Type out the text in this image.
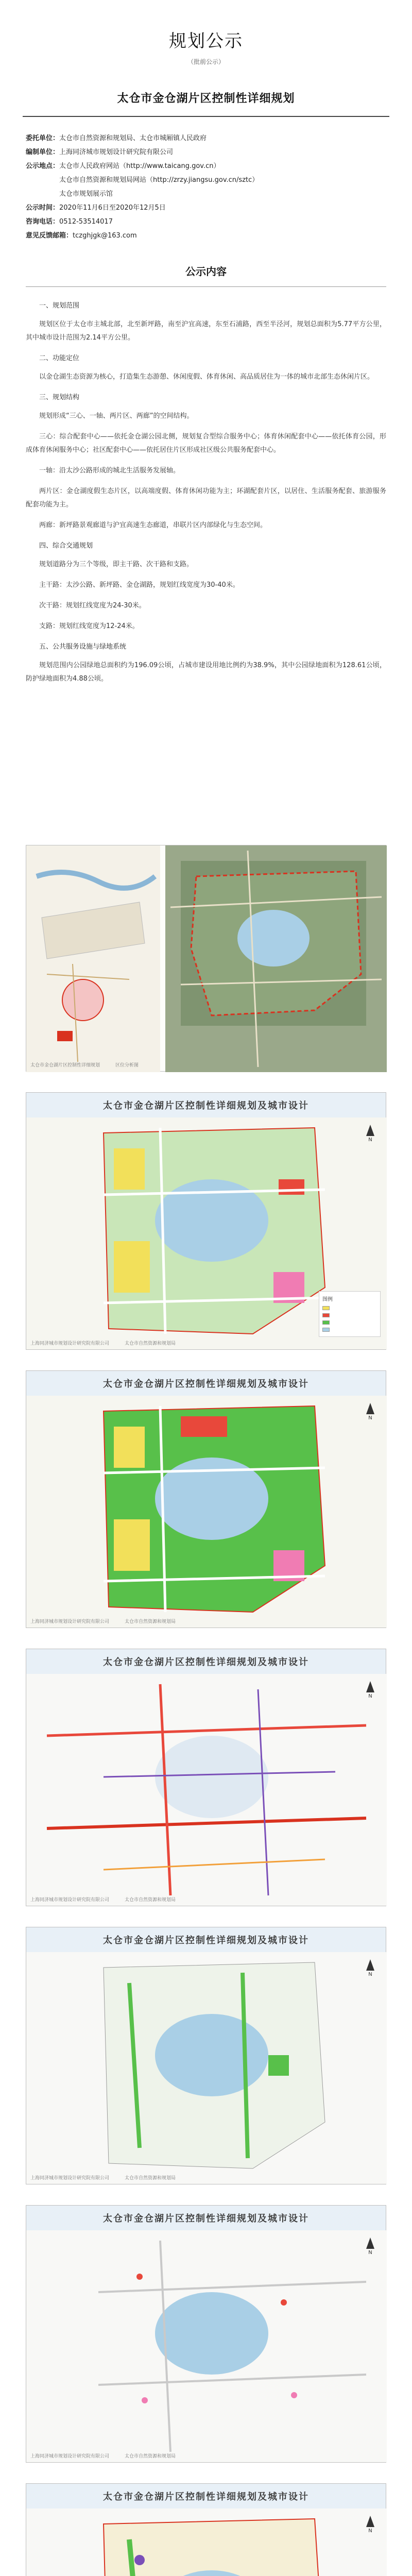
规划公示
（批前公示）
太仓市金仓湖片区控制性详细规划
委托单位： 太仓市自然资源和规划局、太仓市城厢镇人民政府
编制单位： 上海同济城市规划设计研究院有限公司
公示地点： 太仓市人民政府网站（http://www.taicang.gov.cn）
太仓市自然资源和规划局网站（http://zrzy.jiangsu.gov.cn/sztc）
太仓市规划展示馆
公示时间： 2020年11月6日至2020年12月5日
咨询电话： 0512-53514017
意见反馈邮箱： tczghjgk@163.com
公示内容
一、规划范围

规划区位于太仓市主城北部，北至新坪路，南至沪宜高速，东至石浦路，西至半泾河，规划总面积为5.77平方公里，其中城市设计范围为2.14平方公里。

二、功能定位

以金仓湖生态资源为核心，打造集生态游憩、休闲度假、体育休闲、高品质居住为一体的城市北部生态休闲片区。

三、规划结构

规划形成“三心、一轴、两片区、两廊”的空间结构。

三心：综合配套中心——依托金仓湖公园北侧，规划复合型综合服务中心；体育休闲配套中心——依托体育公园，形成体育休闲服务中心；社区配套中心——依托居住片区形成社区级公共服务配套中心。

一轴：沿太沙公路形成的城北生活服务发展轴。

两片区：金仓湖度假生态片区，以高端度假、体育休闲功能为主；环湖配套片区，以居住、生活服务配套、旅游服务配套功能为主。

两廊：新坪路景观廊道与沪宜高速生态廊道，串联片区内部绿化与生态空间。

四、综合交通规划

规划道路分为三个等级，即主干路、次干路和支路。

主干路：太沙公路、新坪路、金仓湖路，规划红线宽度为30-40米。

次干路：规划红线宽度为24-30米。

支路：规划红线宽度为12-24米。

五、公共服务设施与绿地系统

规划范围内公园绿地总面积约为196.09公顷，占城市建设用地比例约为38.9%，其中公园绿地面积为128.61公顷，防护绿地面积为4.88公顷。

太仓市金仓湖片区控制性详细规划	区位分析图
太仓市金仓湖片区控制性详细规划及城市设计
N
图例
上海同济城市规划设计研究院有限公司	太仓市自然资源和规划局
太仓市金仓湖片区控制性详细规划及城市设计
N
上海同济城市规划设计研究院有限公司	太仓市自然资源和规划局
太仓市金仓湖片区控制性详细规划及城市设计
N
上海同济城市规划设计研究院有限公司	太仓市自然资源和规划局
太仓市金仓湖片区控制性详细规划及城市设计
N
上海同济城市规划设计研究院有限公司	太仓市自然资源和规划局
太仓市金仓湖片区控制性详细规划及城市设计
N
上海同济城市规划设计研究院有限公司	太仓市自然资源和规划局
太仓市金仓湖片区控制性详细规划及城市设计
N
